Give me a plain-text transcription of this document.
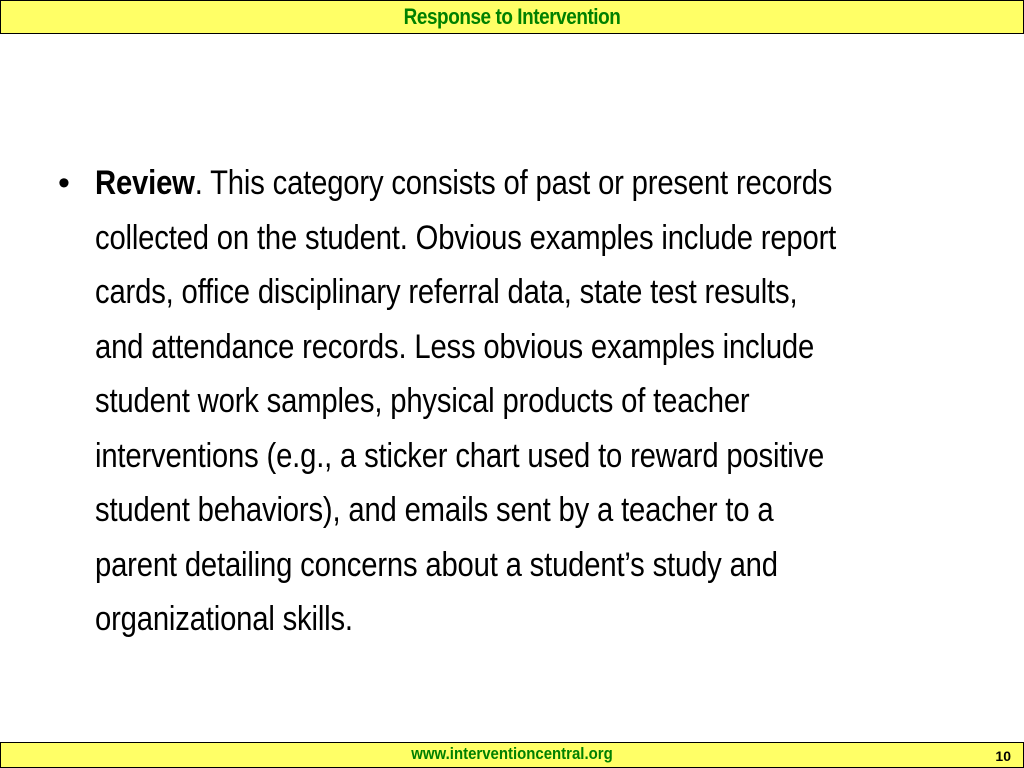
Response to Intervention
• Review. This category consists of past or present records collected on the student. Obvious examples include report cards, office disciplinary referral data, state test results, and attendance records. Less obvious examples include student work samples, physical products of teacher interventions (e.g., a sticker chart used to reward positive student behaviors), and emails sent by a teacher to a parent detailing concerns about a student’s study and organizational skills.
www.interventioncentral.org	10
